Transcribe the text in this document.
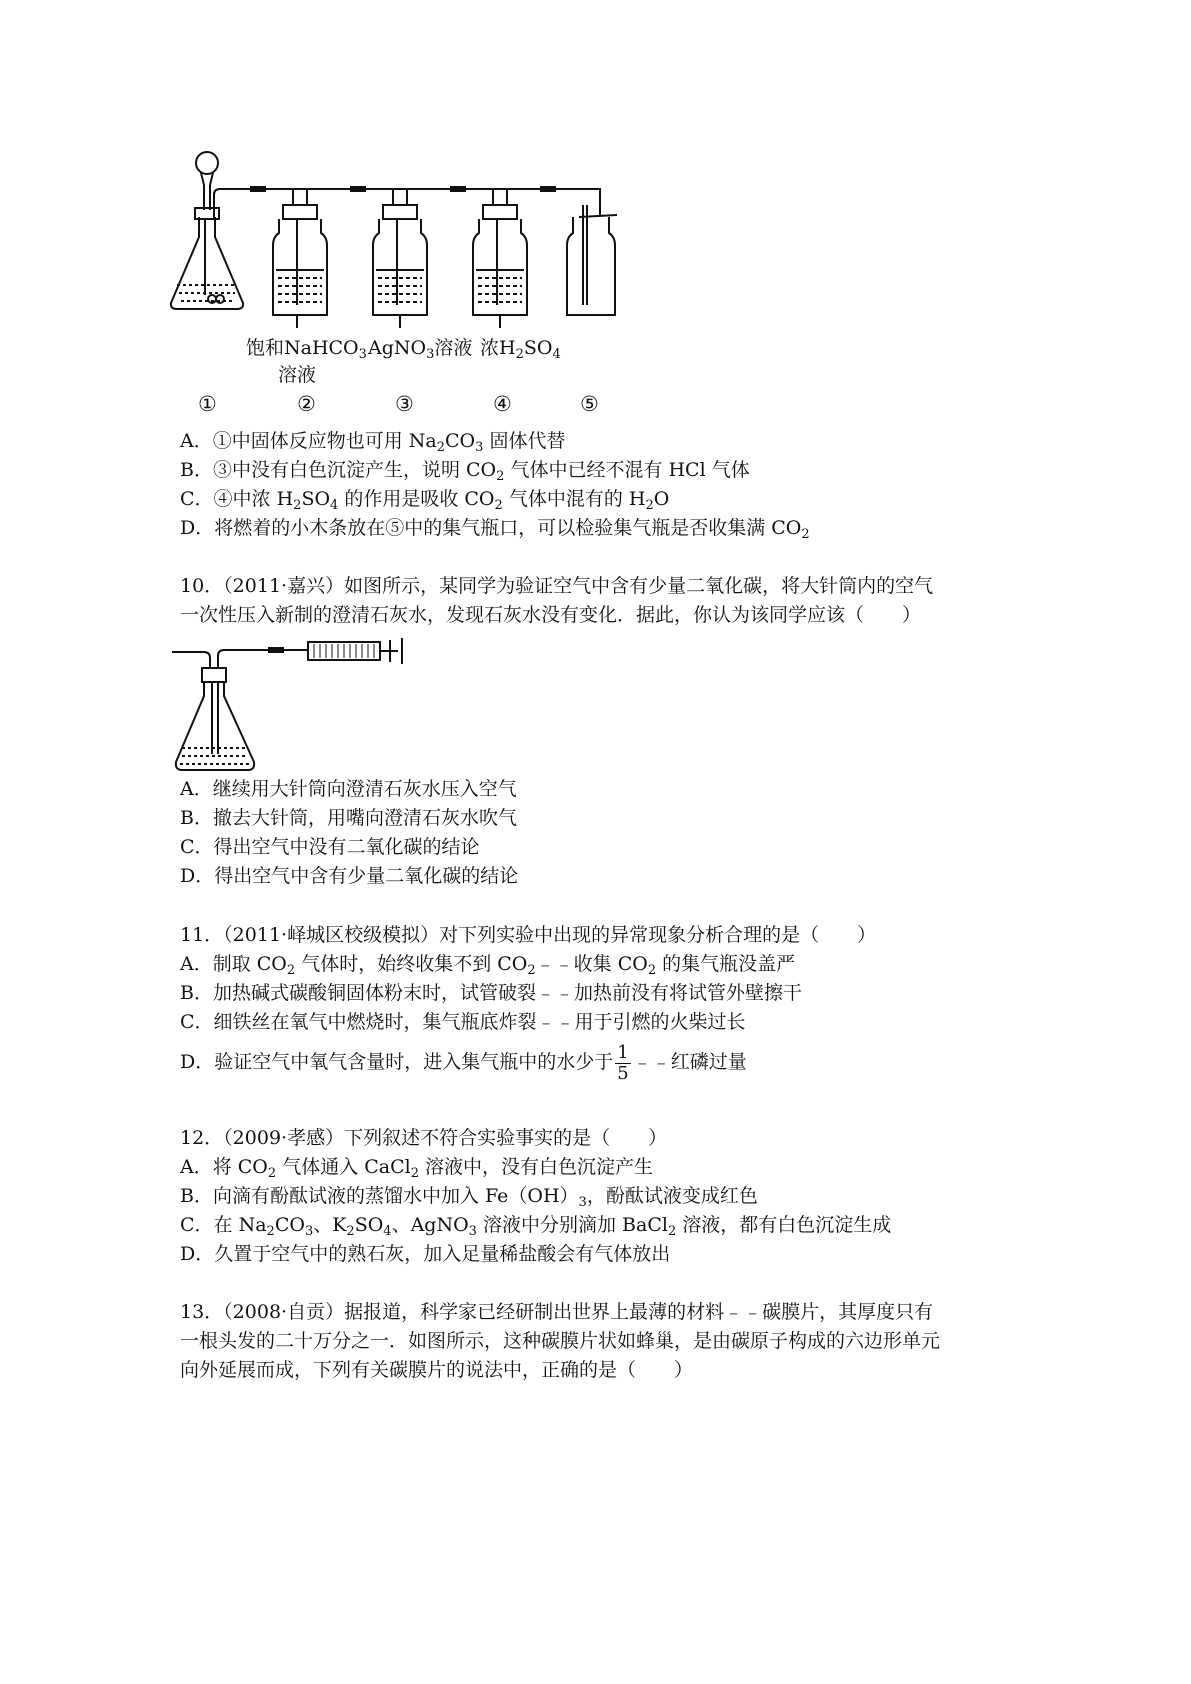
饱和NaHCO$_3$
溶液
AgNO$_3$溶液 浓$H_2SO_4$
①	②	③	④	⑤
A．①中固体反应物也可用 $Na_2CO_3$ 固体代替
B．③中没有白色沉淀产生，说明 $CO_2$ 气体中已经不混有 HCl 气体
C．④中浓 $H_2SO_4$ 的作用是吸收 $CO_2$ 气体中混有的 $H_2O$
D．将燃着的小木条放在⑤中的集气瓶口，可以检验集气瓶是否收集满 $CO_2$
10．（2011·嘉兴）如图所示，某同学为验证空气中含有少量二氧化碳，将大针筒内的空气
一次性压入新制的澄清石灰水，发现石灰水没有变化．据此，你认为该同学应该（　　）
A．继续用大针筒向澄清石灰水压入空气
B．撤去大针筒，用嘴向澄清石灰水吹气
C．得出空气中没有二氧化碳的结论
D．得出空气中含有少量二氧化碳的结论
11．（2011·峄城区校级模拟）对下列实验中出现的异常现象分析合理的是（　　）
A．制取 $CO_2$ 气体时，始终收集不到 $CO_2﹣﹣$收集 $CO_2$ 的集气瓶没盖严
B．加热碱式碳酸铜固体粉末时，试管破裂﹣﹣加热前没有将试管外壁擦干
C．细铁丝在氧气中燃烧时，集气瓶底炸裂﹣﹣用于引燃的火柴过长
D．验证空气中氧气含量时，进入集气瓶中的水少于 $\frac{1}{5}$ ﹣﹣红磷过量
12．（2009·孝感）下列叙述不符合实验事实的是（　　）
A．将 $CO_2$ 气体通入 CaCl$_2$ 溶液中，没有白色沉淀产生
B．向滴有酚酞试液的蒸馏水中加入 $Fe(OH)_3$，酚酞试液变成红色
C．在 $Na_2CO_3$、$K_2SO_4$、AgNO$_3$ 溶液中分别滴加 BaCl$_2$ 溶液，都有白色沉淀生成
D．久置于空气中的熟石灰，加入足量稀盐酸会有气体放出
13．（2008·自贡）据报道，科学家已经研制出世界上最薄的材料﹣﹣碳膜片，其厚度只有
一根头发的二十万分之一．如图所示，这种碳膜片状如蜂巢，是由碳原子构成的六边形单元
向外延展而成，下列有关碳膜片的说法中，正确的是（　　）
